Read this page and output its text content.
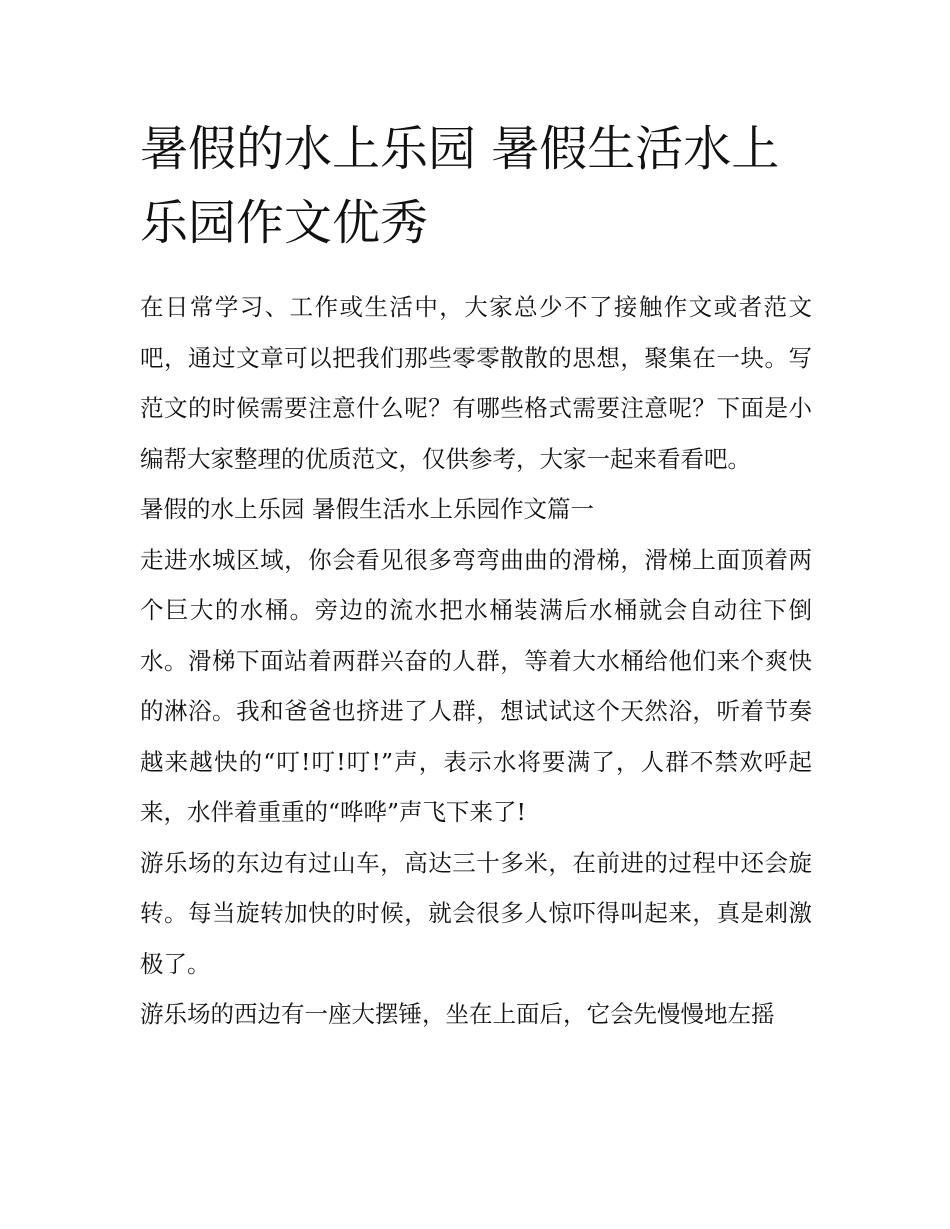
暑假的水上乐园 暑假生活水上乐园作文优秀

在日常学习、工作或生活中，大家总少不了接触作文或者范文吧，通过文章可以把我们那些零零散散的思想，聚集在一块。写范文的时候需要注意什么呢？有哪些格式需要注意呢？下面是小编帮大家整理的优质范文，仅供参考，大家一起来看看吧。

暑假的水上乐园 暑假生活水上乐园作文篇一

走进水城区域，你会看见很多弯弯曲曲的滑梯，滑梯上面顶着两个巨大的水桶。旁边的流水把水桶装满后水桶就会自动往下倒水。滑梯下面站着两群兴奋的人群，等着大水桶给他们来个爽快的淋浴。我和爸爸也挤进了人群，想试试这个天然浴，听着节奏越来越快的“叮!叮!叮!”声，表示水将要满了，人群不禁欢呼起来，水伴着重重的“哗哗”声飞下来了!

游乐场的东边有过山车，高达三十多米，在前进的过程中还会旋转。每当旋转加快的时候，就会很多人惊吓得叫起来，真是刺激极了。

游乐场的西边有一座大摆锤，坐在上面后，它会先慢慢地左摇
